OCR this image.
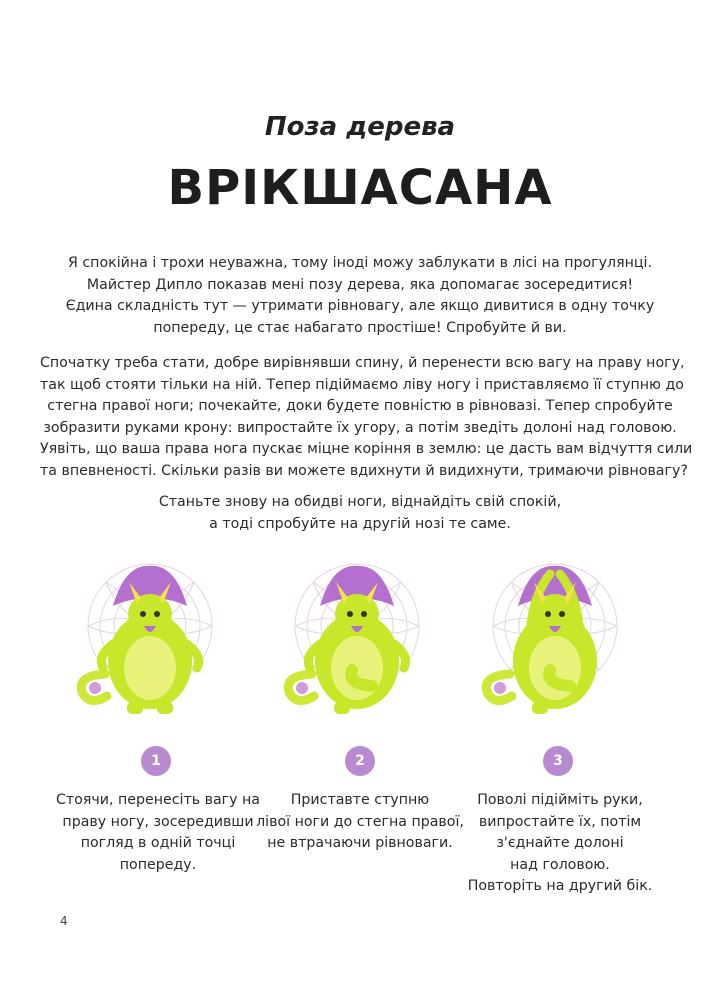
Поза дерева
ВРІКШАСАНА
Я спокійна і трохи неуважна, тому іноді можу заблукати в лісі на прогулянці.
Майстер Дипло показав мені позу дерева, яка допомагає зосередитися!
Єдина складність тут — утримати рівновагу, але якщо дивитися в одну точку
попереду, це стає набагато простіше! Спробуйте й ви.
Спочатку треба стати, добре вирівнявши спину, й перенести всю вагу на праву ногу,
так щоб стояти тільки на ній. Тепер підіймаємо ліву ногу і приставляємо її ступню до
стегна правої ноги; почекайте, доки будете повністю в рівновазі. Тепер спробуйте
зобразити руками крону: випростайте їх угору, а потім зведіть долоні над головою.
Уявіть, що ваша права нога пускає міцне коріння в землю: це дасть вам відчуття сили
та впевненості. Скільки разів ви можете вдихнути й видихнути, тримаючи рівновагу?
Станьте знову на обидві ноги, віднайдіть свій спокій,
а тоді спробуйте на другій нозі те саме.
1	2	3
Стоячи, перенесіть вагу на
праву ногу, зосередивши
погляд в одній точці
попереду.
Приставте ступню
лівої ноги до стегна правої,
не втрачаючи рівноваги.
Поволі підійміть руки,
випростайте їх, потім
з'єднайте долоні
над головою.
Повторіть на другий бік.
4
